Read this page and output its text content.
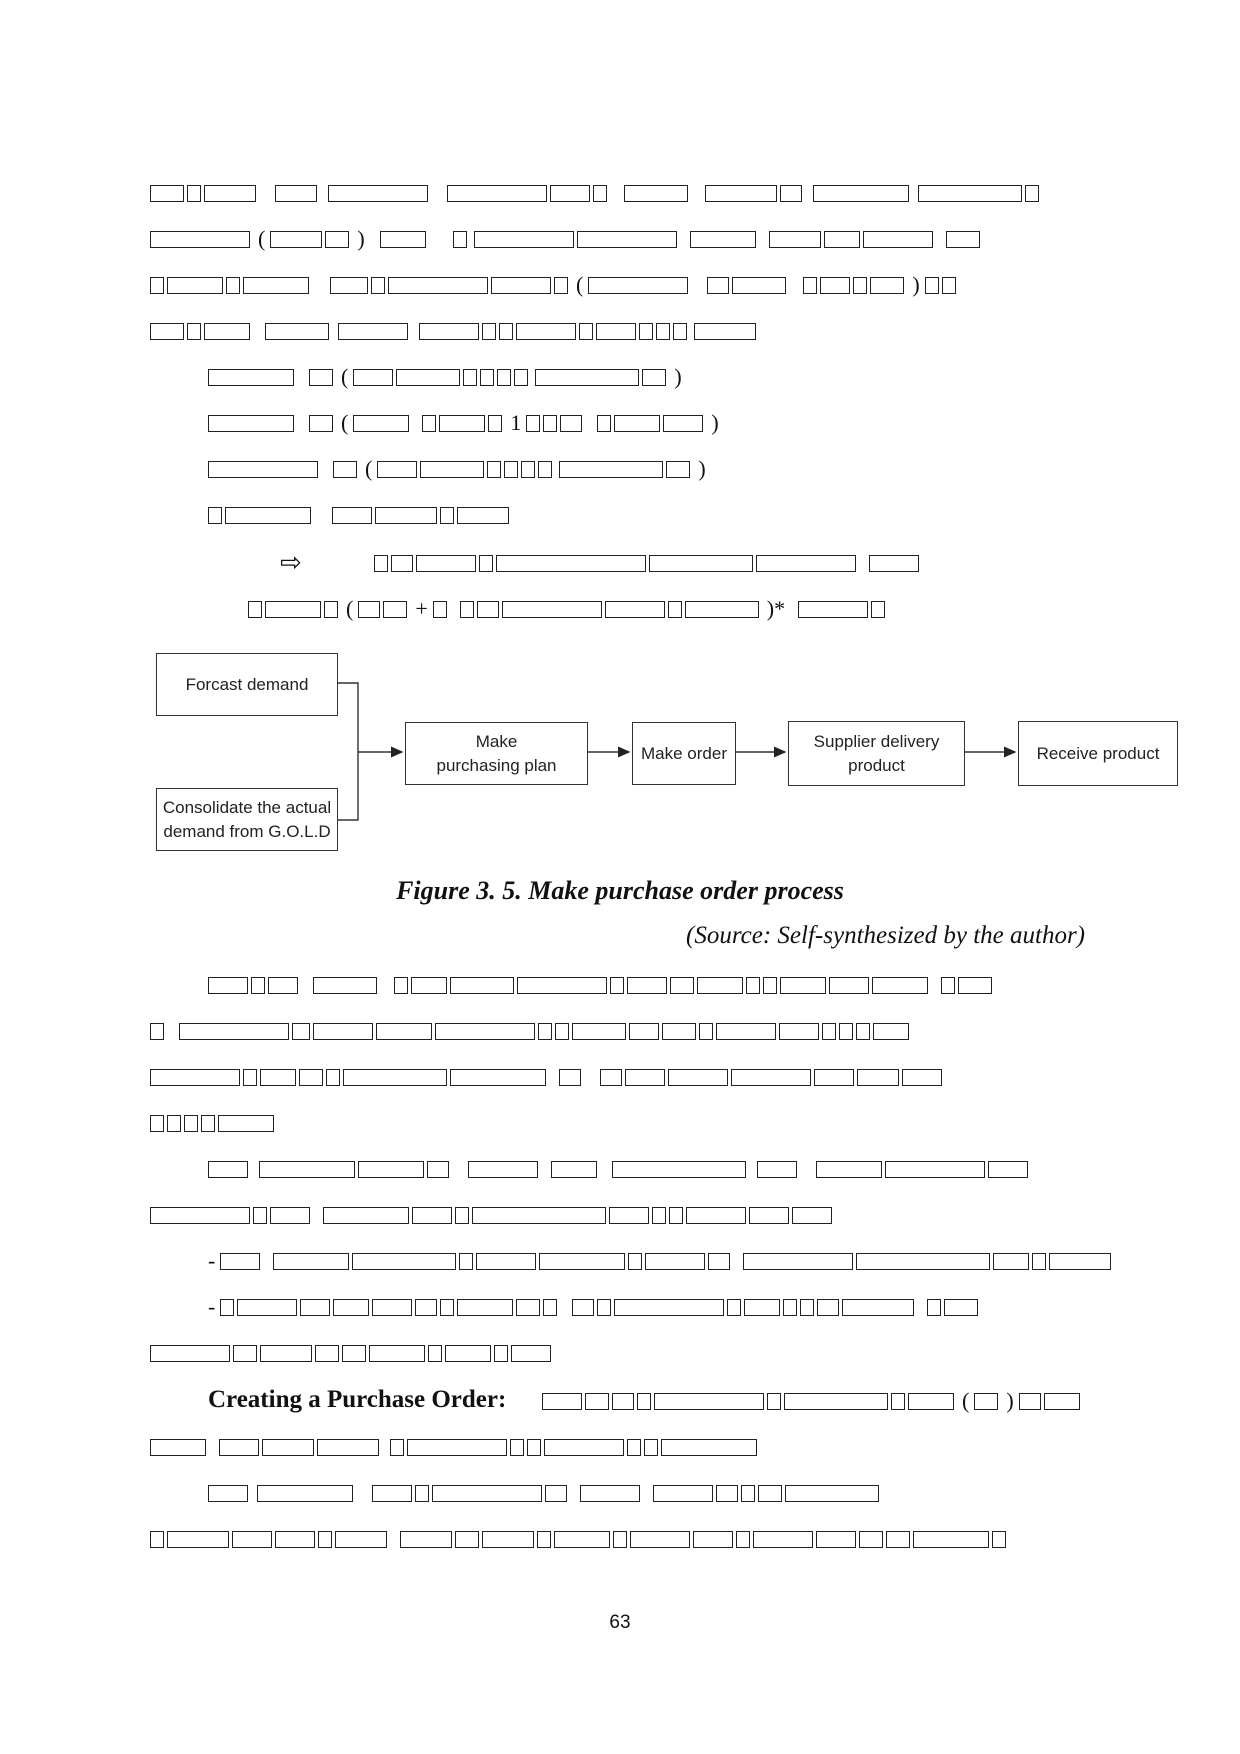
(	)
(	)
(	)
(	1	)
(	)
⇨
(	+	)*
Forcast demand
Consolidate the actual
demand from G.O.L.D
Make
purchasing plan
Make order
Supplier delivery
product
Receive product
Figure 3. 5. Make purchase order process
(Source: Self-synthesized by the author)
-
-
Creating a Purchase Order:	( )
63
